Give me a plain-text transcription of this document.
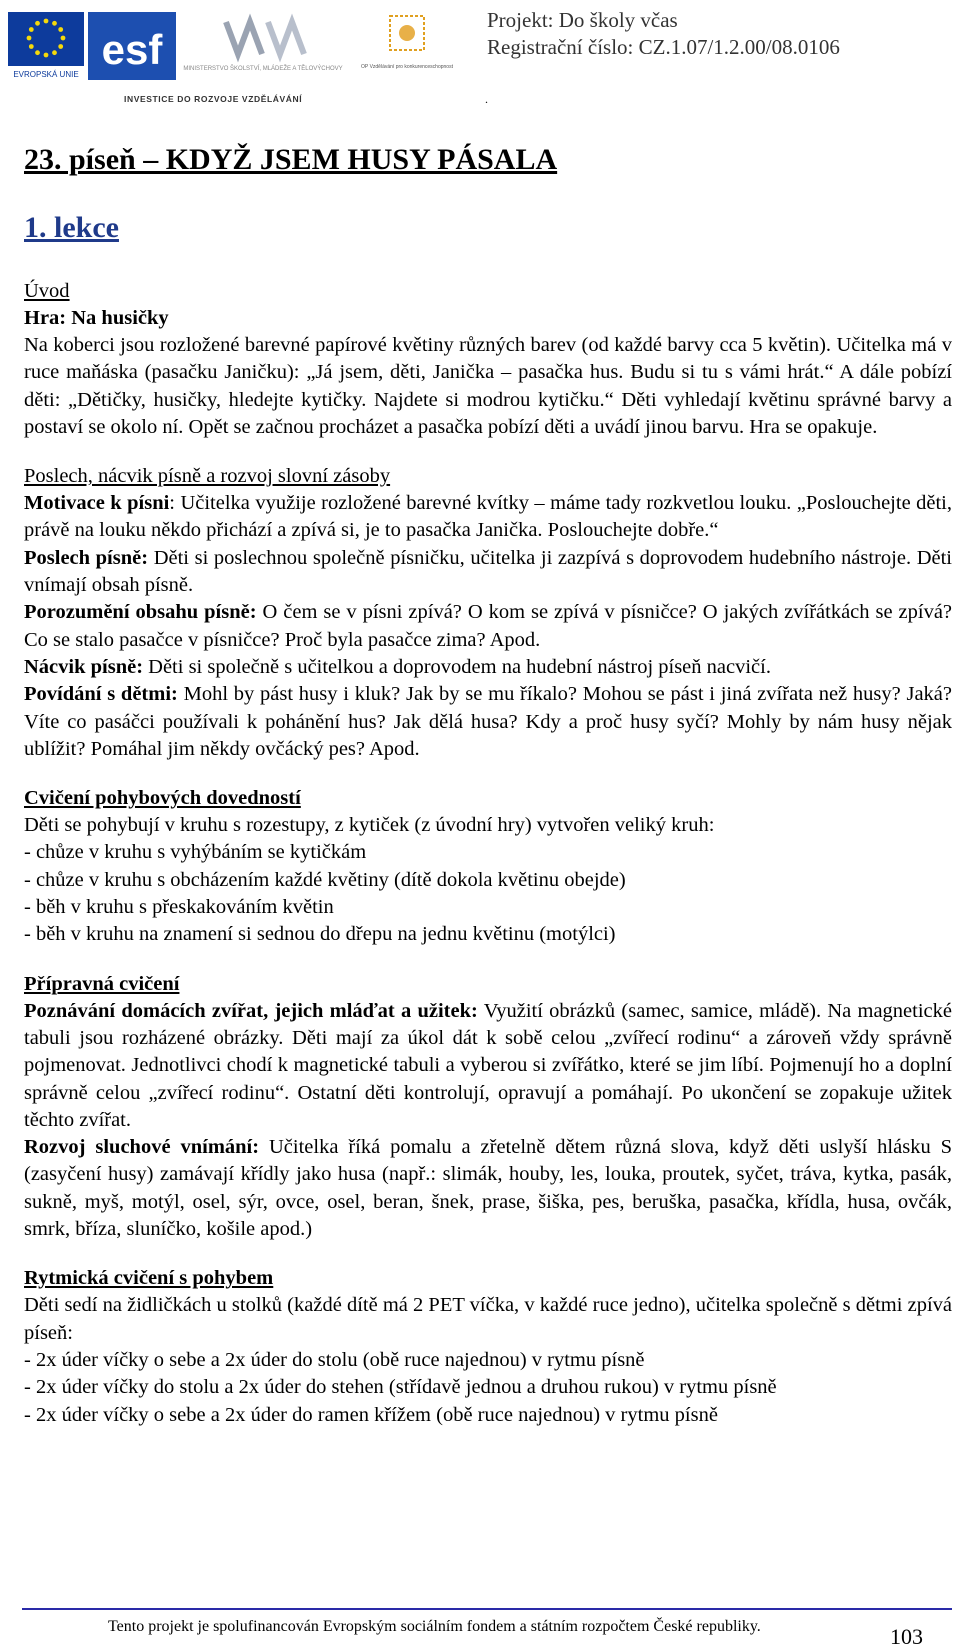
EVROPSKÁ UNIE
esf	MINISTERSTVO ŠKOLSTVÍ, MLÁDEŽE A TĚLOVÝCHOVY	OP Vzdělávání pro konkurenceschopnost
INVESTICE DO ROZVOJE VZDĚLÁVÁNÍ
Projekt: Do školy včas
Registrační číslo: CZ.1.07/1.2.00/08.0106
.
23. píseň – KDYŽ JSEM HUSY PÁSALA
1. lekce
Úvod
Hra: Na husičky

Na koberci jsou rozložené barevné papírové květiny různých barev (od každé barvy cca 5 květin). Učitelka má v ruce maňáska (pasačku Janičku): „Já jsem, děti, Janička – pasačka hus. Budu si tu s vámi hrát.“ A dále pobízí děti: „Dětičky, husičky, hledejte kytičky. Najdete si modrou kytičku.“ Děti vyhledají květinu správné barvy a postaví se okolo ní. Opět se začnou procházet a pasačka pobízí děti a uvádí jinou barvu. Hra se opakuje.

Poslech, nácvik písně a rozvoj slovní zásoby

Motivace k písni: Učitelka využije rozložené barevné kvítky – máme tady rozkvetlou louku. „Poslouchejte děti, právě na louku někdo přichází a zpívá si, je to pasačka Janička. Poslouchejte dobře.“

Poslech písně: Děti si poslechnou společně písničku, učitelka ji zazpívá s doprovodem hudebního nástroje. Děti vnímají obsah písně.

Porozumění obsahu písně: O čem se v písni zpívá? O kom se zpívá v písničce? O jakých zvířátkách se zpívá? Co se stalo pasačce v písničce? Proč byla pasačce zima? Apod.

Nácvik písně: Děti si společně s učitelkou a doprovodem na hudební nástroj píseň nacvičí.

Povídání s dětmi: Mohl by pást husy i kluk? Jak by se mu říkalo? Mohou se pást i jiná zvířata než husy? Jaká? Víte co pasáčci používali k pohánění hus? Jak dělá husa? Kdy a proč husy syčí? Mohly by nám husy nějak ublížit? Pomáhal jim někdy ovčácký pes? Apod.

Cvičení pohybových dovedností

Děti se pohybují v kruhu s rozestupy, z kytiček (z úvodní hry) vytvořen veliký kruh:

- chůze v kruhu s vyhýbáním se kytičkám
- chůze v kruhu s obcházením každé květiny (dítě dokola květinu obejde)
- běh v kruhu s přeskakováním květin
- běh v kruhu na znamení si sednou do dřepu na jednu květinu (motýlci)
Přípravná cvičení

Poznávání domácích zvířat, jejich mláďat a užitek: Využití obrázků (samec, samice, mládě). Na magnetické tabuli jsou rozházené obrázky. Děti mají za úkol dát k sobě celou „zvířecí rodinu“ a zároveň vždy správně pojmenovat. Jednotlivci chodí k magnetické tabuli a vyberou si zvířátko, které se jim líbí. Pojmenují ho a doplní správně celou „zvířecí rodinu“. Ostatní děti kontrolují, opravují a pomáhají. Po ukončení se zopakuje užitek těchto zvířat.

Rozvoj sluchové vnímání: Učitelka říká pomalu a zřetelně dětem různá slova, když děti uslyší hlásku S (zasyčení husy) zamávají křídly jako husa (např.: slimák, houby, les, louka, proutek, syčet, tráva, kytka, pasák, sukně, myš, motýl, osel, sýr, ovce, osel, beran, šnek, prase, šiška, pes, beruška, pasačka, křídla, husa, ovčák, smrk, bříza, sluníčko, košile apod.)

Rytmická cvičení s pohybem

Děti sedí na židličkách u stolků (každé dítě má 2 PET víčka, v každé ruce jedno), učitelka společně s dětmi zpívá píseň:

- 2x úder víčky o sebe a 2x úder do stolu (obě ruce najednou) v rytmu písně
- 2x úder víčky do stolu a 2x úder do stehen (střídavě jednou a druhou rukou) v rytmu písně
- 2x úder víčky o sebe a 2x úder do ramen křížem (obě ruce najednou) v rytmu písně
Tento projekt je spolufinancován Evropským sociálním fondem a státním rozpočtem České republiky.	103
